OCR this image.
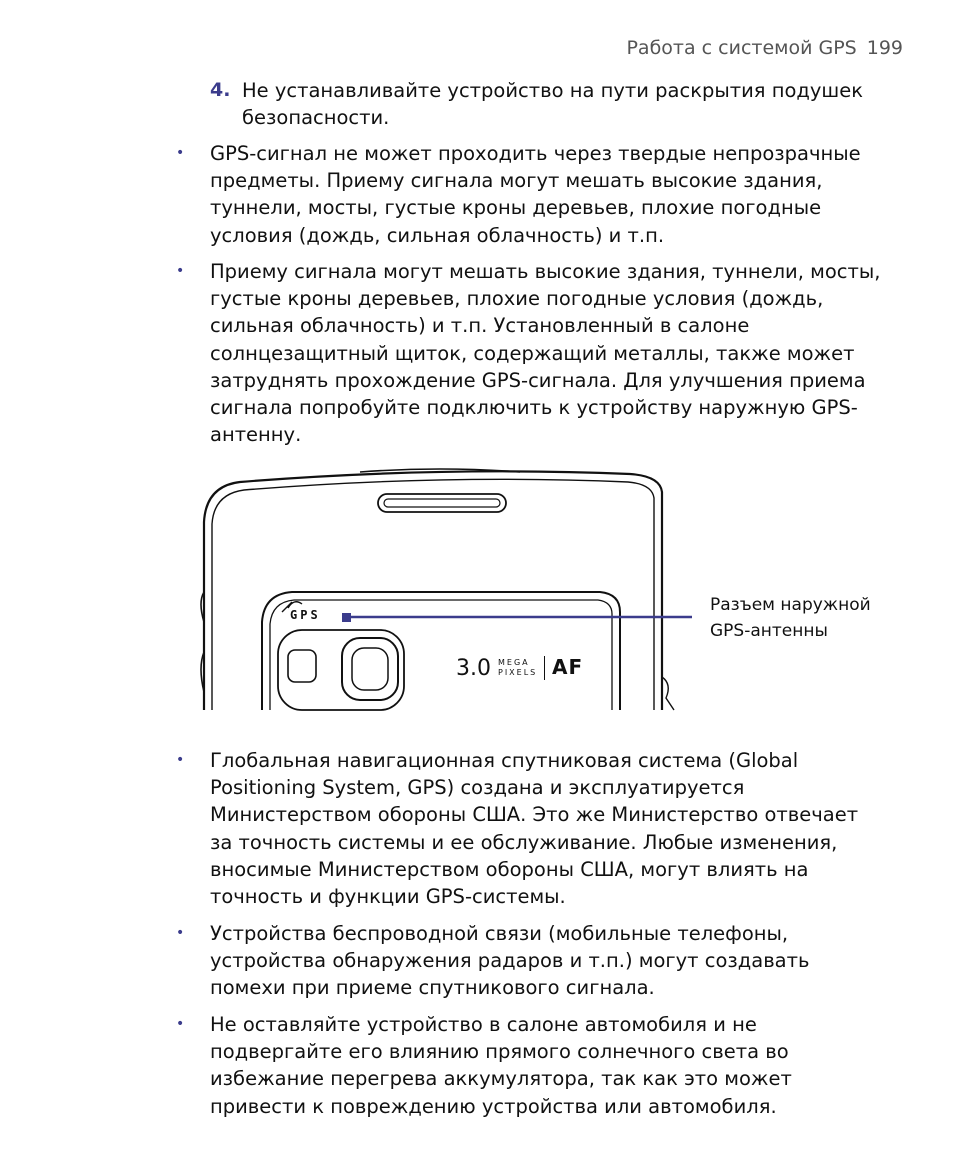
Работа с системой GPS 199
4. Не устанавливайте устройство на пути раскрытия подушек безопасности.
• GPS-сигнал не может проходить через твердые непрозрачные предметы. Приему сигнала могут мешать высокие здания, туннели, мосты, густые кроны деревьев, плохие погодные условия (дождь, сильная облачность) и т.п.
• Приему сигнала могут мешать высокие здания, туннели, мосты, густые кроны деревьев, плохие погодные условия (дождь, сильная облачность) и т.п. Установленный в салоне солнцезащитный щиток, содержащий металлы, также может затруднять прохождение GPS-сигнала. Для улучшения приема сигнала попробуйте подключить к устройству наружную GPS-антенну.
GPS
3.0 MEGA
PIXELS AF
Разъем наружной
GPS-антенны
• Глобальная навигационная спутниковая система (Global Positioning System, GPS) создана и эксплуатируется Министерством обороны США. Это же Министерство отвечает за точность системы и ее обслуживание. Любые изменения, вносимые Министерством обороны США, могут влиять на точность и функции GPS-системы.
• Устройства беспроводной связи (мобильные телефоны, устройства обнаружения радаров и т.п.) могут создавать помехи при приеме спутникового сигнала.
• Не оставляйте устройство в салоне автомобиля и не подвергайте его влиянию прямого солнечного света во избежание перегрева аккумулятора, так как это может привести к повреждению устройства или автомобиля.
